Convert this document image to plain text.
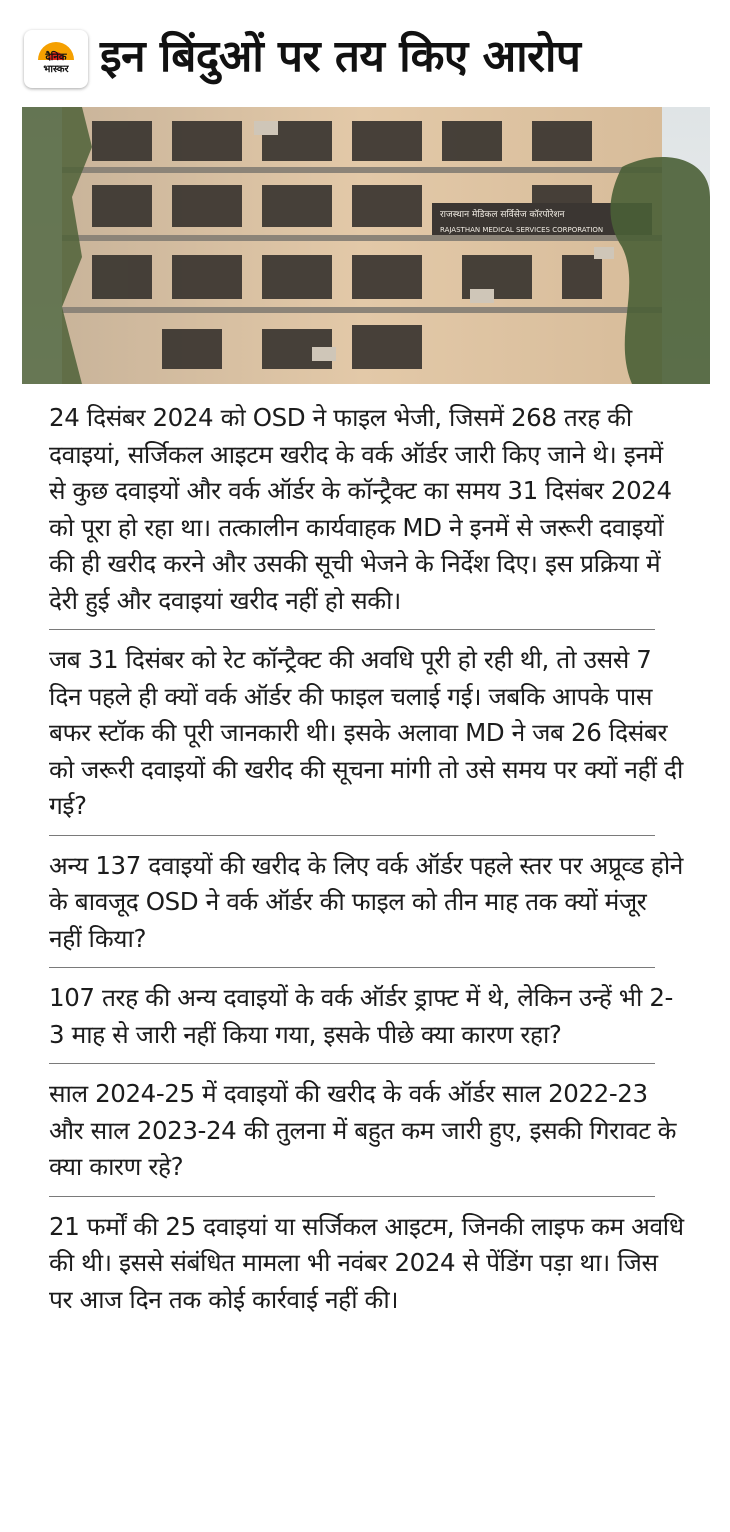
दैनिक
भास्कर इन बिंदुओं पर तय किए आरोप
राजस्थान मेडिकल सर्विसेज कॉरपोरेशन
RAJASTHAN MEDICAL SERVICES CORPORATION

24 दिसंबर 2024 को OSD ने फाइल भेजी, जिसमें 268 तरह की दवाइयां, सर्जिकल आइटम खरीद के वर्क ऑर्डर जारी किए जाने थे। इनमें से कुछ दवाइयों और वर्क ऑर्डर के कॉन्ट्रैक्ट का समय 31 दिसंबर 2024 को पूरा हो रहा था। तत्कालीन कार्यवाहक MD ने इनमें से जरूरी दवाइयों की ही खरीद करने और उसकी सूची भेजने के निर्देश दिए। इस प्रक्रिया में देरी हुई और दवाइयां खरीद नहीं हो सकी।

जब 31 दिसंबर को रेट कॉन्ट्रैक्ट की अवधि पूरी हो रही थी, तो उससे 7 दिन पहले ही क्यों वर्क ऑर्डर की फाइल चलाई गई। जबकि आपके पास बफर स्टॉक की पूरी जानकारी थी। इसके अलावा MD ने जब 26 दिसंबर को जरूरी दवाइयों की खरीद की सूचना मांगी तो उसे समय पर क्यों नहीं दी गई?

अन्य 137 दवाइयों की खरीद के लिए वर्क ऑर्डर पहले स्तर पर अप्रूव्ड होने के बावजूद OSD ने वर्क ऑर्डर की फाइल को तीन माह तक क्यों मंजूर नहीं किया?

107 तरह की अन्य दवाइयों के वर्क ऑर्डर ड्राफ्ट में थे, लेकिन उन्हें भी 2-3 माह से जारी नहीं किया गया, इसके पीछे क्या कारण रहा?

साल 2024-25 में दवाइयों की खरीद के वर्क ऑर्डर साल 2022-23 और साल 2023-24 की तुलना में बहुत कम जारी हुए, इसकी गिरावट के क्या कारण रहे?

21 फर्मों की 25 दवाइयां या सर्जिकल आइटम, जिनकी लाइफ कम अवधि की थी। इससे संबंधित मामला भी नवंबर 2024 से पेंडिंग पड़ा था। जिस पर आज दिन तक कोई कार्रवाई नहीं की।
